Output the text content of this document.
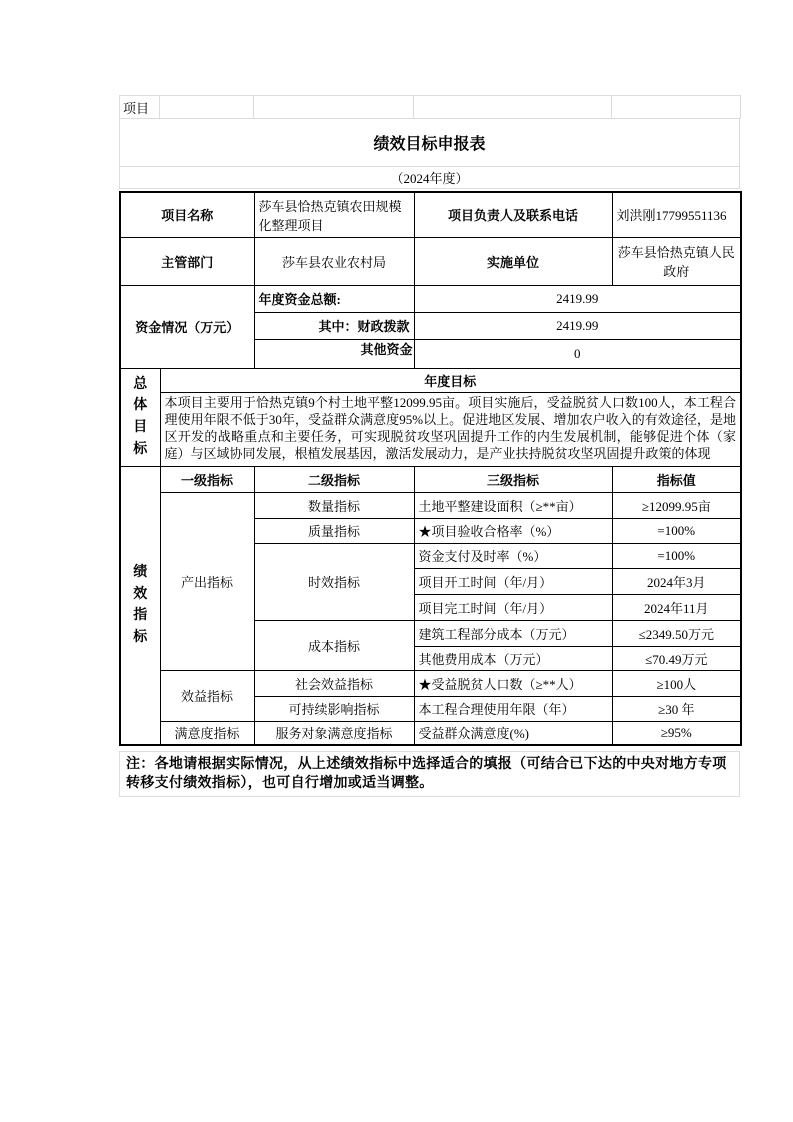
项目				
绩效目标申报表
（2024年度）
项目名称		莎车县恰热克镇农田规模化整理项目	项目负责人及联系电话	刘洪刚17799551136
主管部门		莎车县农业农村局	实施单位	莎车县恰热克镇人民政府
资金情况（万元）		年度资金总额:	2419.99	
		其中：财政拨款	2419.99	

		其他资金	0	
总体目标	年度目标			

	本项目主要用于恰热克镇9个村土地平整12099.95亩。项目实施后，受益脱贫人口数100人，本工程合理使用年限不低于30年，受益群众满意度95%以上。促进地区发展、增加农户收入的有效途径，是地区开发的战略重点和主要任务，可实现脱贫攻坚巩固提升工作的内生发展机制，能够促进个体（家庭）与区域协同发展，根植发展基因，激活发展动力，是产业扶持脱贫攻坚巩固提升政策的体现			

绩效指标	一级指标	二级指标	三级指标	指标值
	产出指标	数量指标	土地平整建设面积（≥**亩）	≥12099.95亩
		质量指标	★项目验收合格率（%）	=100%
		时效指标	资金支付及时率（%）	=100%
			项目开工时间（年/月）	2024年3月
			项目完工时间（年/月）	2024年11月
		成本指标	建筑工程部分成本（万元）	≤2349.50万元
			其他费用成本（万元）	≤70.49万元
	效益指标	社会效益指标	★受益脱贫人口数（≥**人）	≥100人
		可持续影响指标	本工程合理使用年限（年）	≥30 年
	满意度指标	服务对象满意度指标	受益群众满意度(%)	≥95%
注：各地请根据实际情况，从上述绩效指标中选择适合的填报（可结合已下达的中央对地方专项转移支付绩效指标），也可自行增加或适当调整。
